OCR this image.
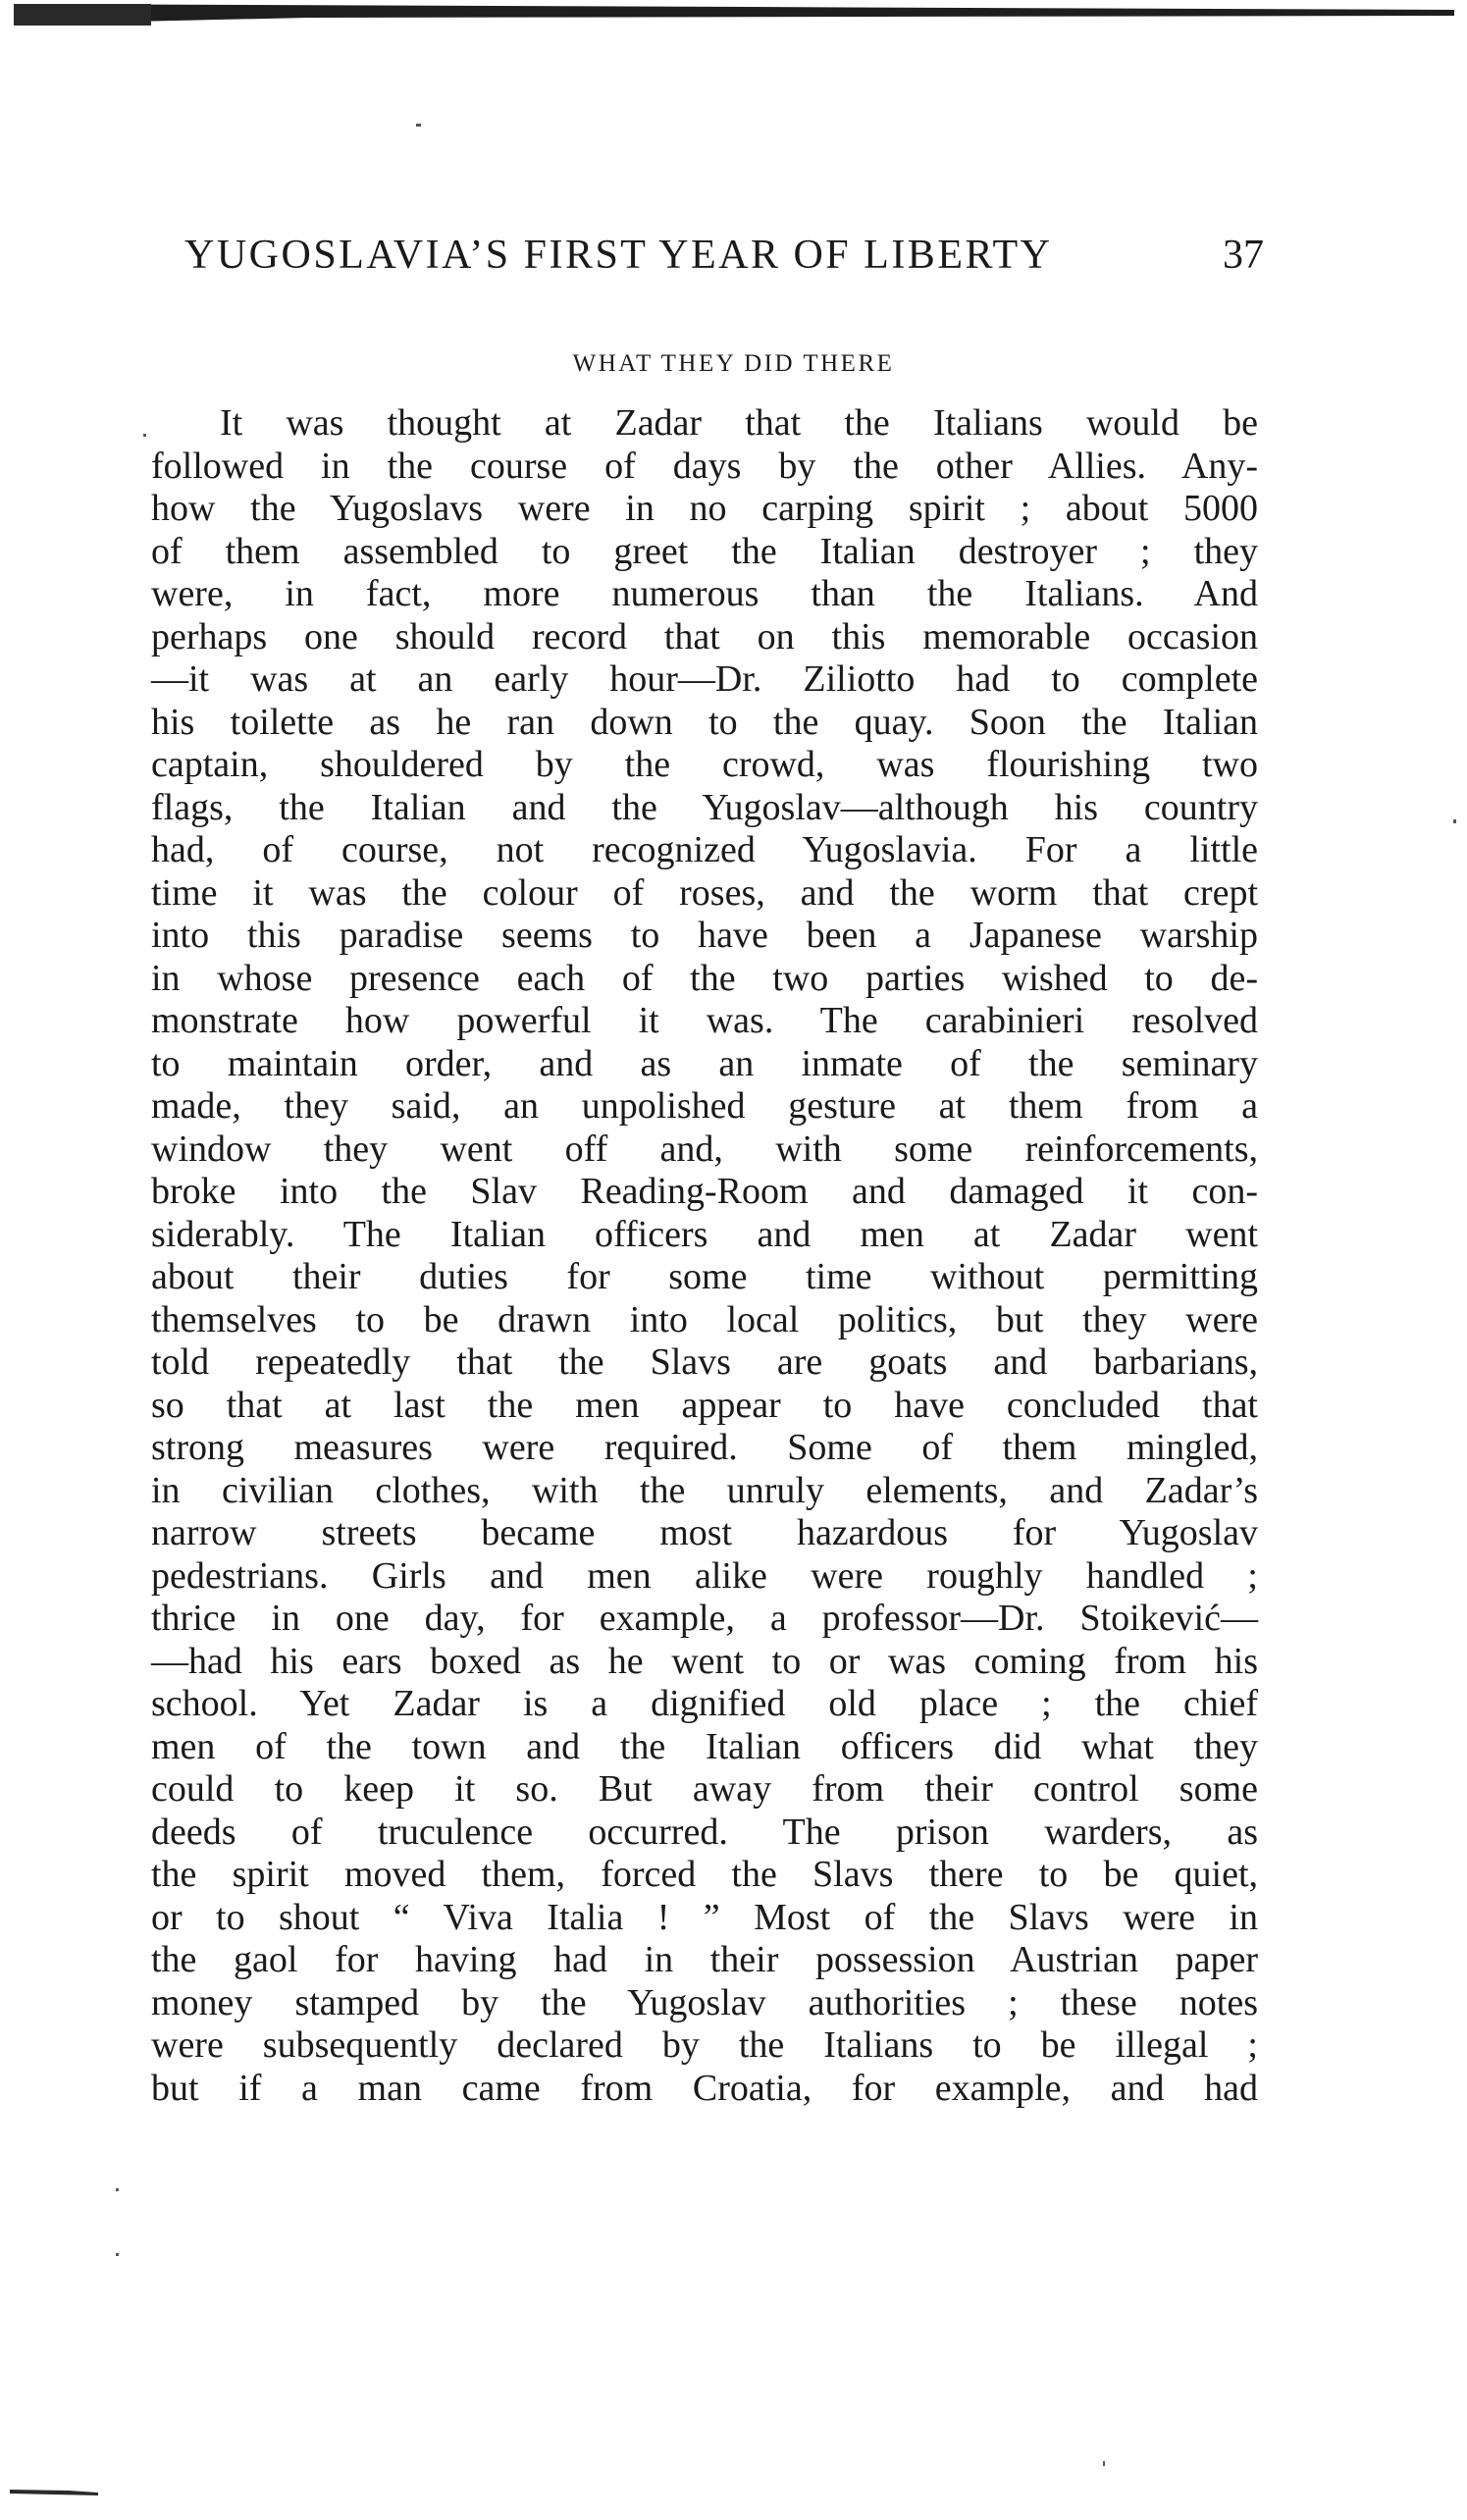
YUGOSLAVIA’S FIRST YEAR OF LIBERTY	37
WHAT THEY DID THERE
It was thought at Zadar that the Italians would be
followed in the course of days by the other Allies. Any-
how the Yugoslavs were in no carping spirit ; about 5000
of them assembled to greet the Italian destroyer ; they
were, in fact, more numerous than the Italians. And
perhaps one should record that on this memorable occasion
—it was at an early hour—Dr. Ziliotto had to complete
his toilette as he ran down to the quay. Soon the Italian
captain, shouldered by the crowd, was flourishing two
flags, the Italian and the Yugoslav—although his country
had, of course, not recognized Yugoslavia. For a little
time it was the colour of roses, and the worm that crept
into this paradise seems to have been a Japanese warship
in whose presence each of the two parties wished to de-
monstrate how powerful it was. The carabinieri resolved
to maintain order, and as an inmate of the seminary
made, they said, an unpolished gesture at them from a
window they went off and, with some reinforcements,
broke into the Slav Reading-Room and damaged it con-
siderably. The Italian officers and men at Zadar went
about their duties for some time without permitting
themselves to be drawn into local politics, but they were
told repeatedly that the Slavs are goats and barbarians,
so that at last the men appear to have concluded that
strong measures were required. Some of them mingled,
in civilian clothes, with the unruly elements, and Zadar’s
narrow streets became most hazardous for Yugoslav
pedestrians. Girls and men alike were roughly handled ;
thrice in one day, for example, a professor—Dr. Stoikević—
—had his ears boxed as he went to or was coming from his
school. Yet Zadar is a dignified old place ; the chief
men of the town and the Italian officers did what they
could to keep it so. But away from their control some
deeds of truculence occurred. The prison warders, as
the spirit moved them, forced the Slavs there to be quiet,
or to shout “ Viva Italia ! ” Most of the Slavs were in
the gaol for having had in their possession Austrian paper
money stamped by the Yugoslav authorities ; these notes
were subsequently declared by the Italians to be illegal ;
but if a man came from Croatia, for example, and had
